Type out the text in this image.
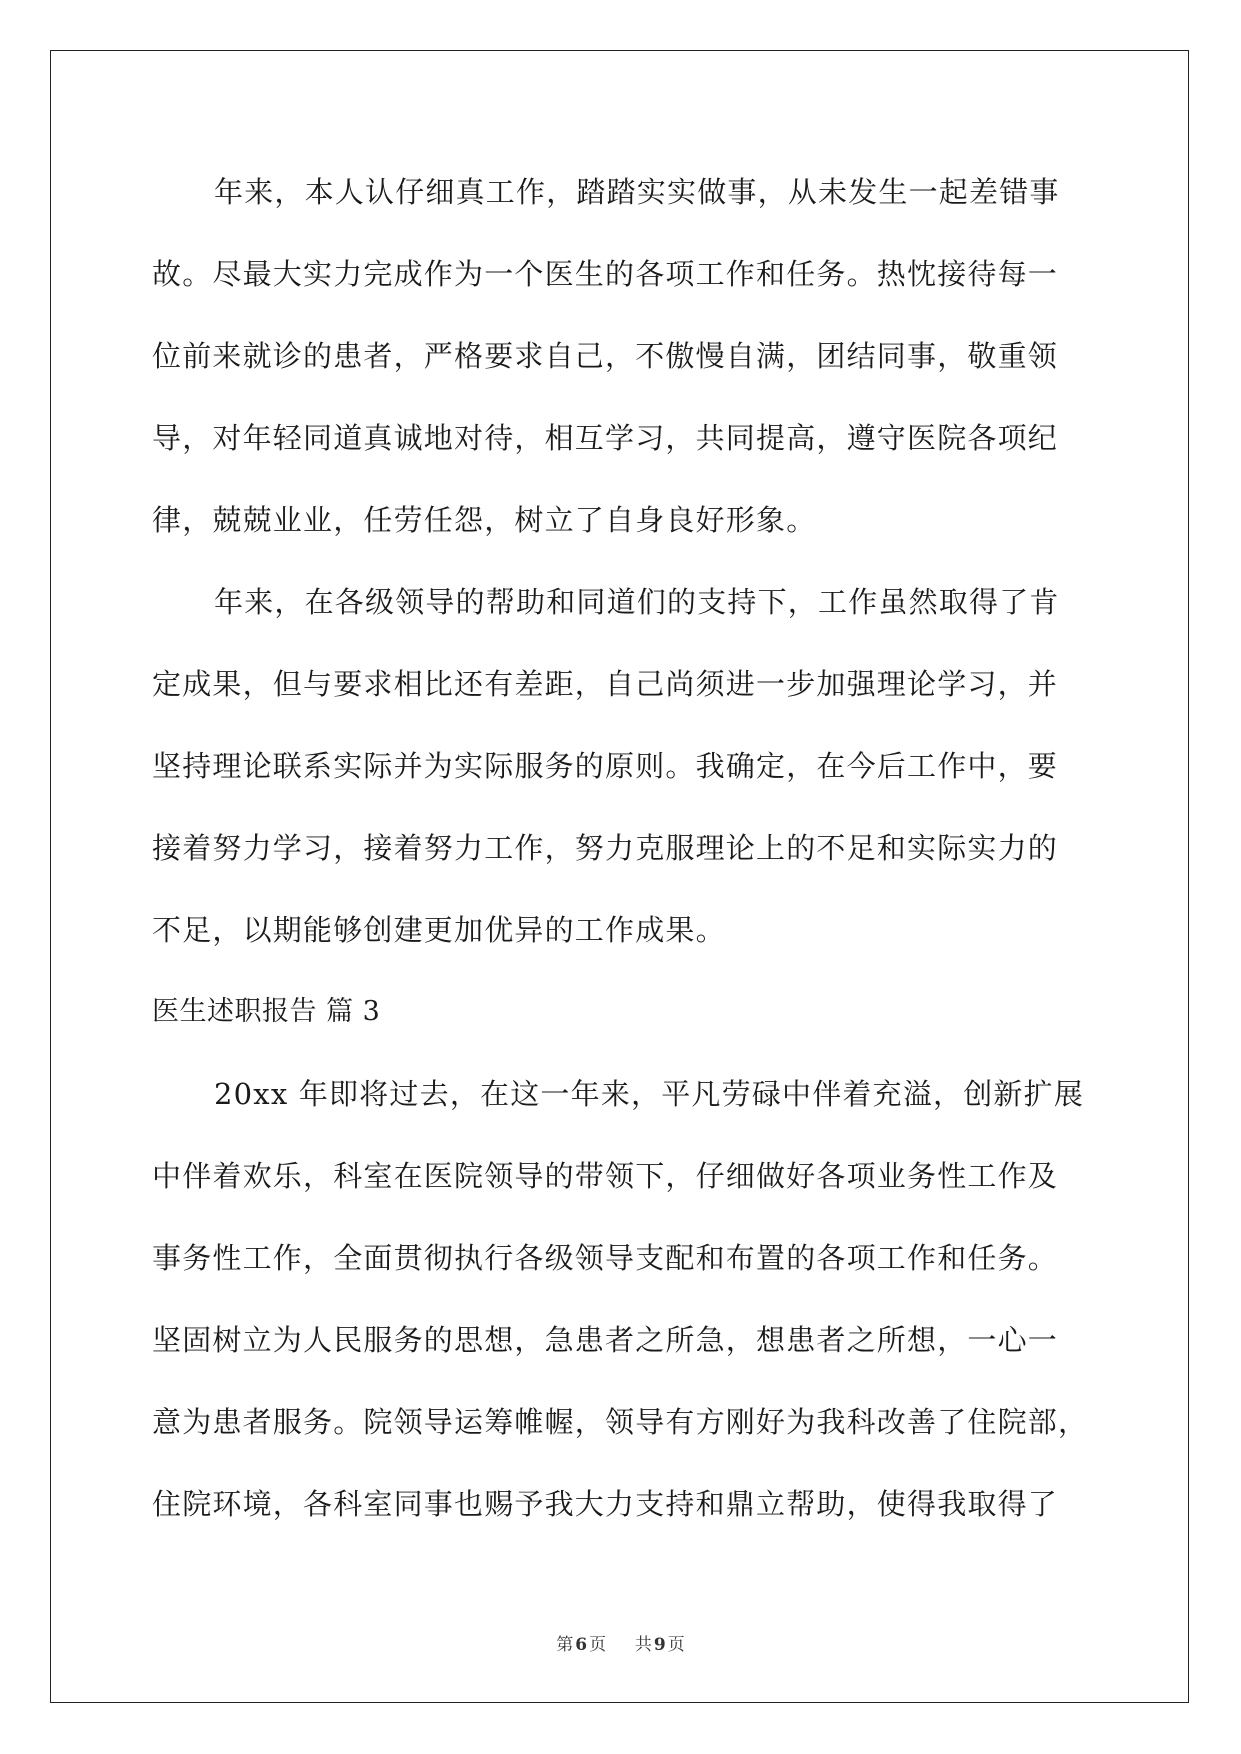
年来，本人认仔细真工作，踏踏实实做事，从未发生一起差错事
故。尽最大实力完成作为一个医生的各项工作和任务。热忱接待每一
位前来就诊的患者，严格要求自己，不傲慢自满，团结同事，敬重领
导，对年轻同道真诚地对待，相互学习，共同提高，遵守医院各项纪
律，兢兢业业，任劳任怨，树立了自身良好形象。
年来，在各级领导的帮助和同道们的支持下，工作虽然取得了肯
定成果，但与要求相比还有差距，自己尚须进一步加强理论学习，并
坚持理论联系实际并为实际服务的原则。我确定，在今后工作中，要
接着努力学习，接着努力工作，努力克服理论上的不足和实际实力的
不足，以期能够创建更加优异的工作成果。
医生述职报告 篇 3
20xx 年即将过去，在这一年来，平凡劳碌中伴着充溢，创新扩展
中伴着欢乐，科室在医院领导的带领下，仔细做好各项业务性工作及
事务性工作，全面贯彻执行各级领导支配和布置的各项工作和任务。
坚固树立为人民服务的思想，急患者之所急，想患者之所想，一心一
意为患者服务。院领导运筹帷幄，领导有方刚好为我科改善了住院部，
住院环境，各科室同事也赐予我大力支持和鼎立帮助，使得我取得了
第 6 页 共 9 页
